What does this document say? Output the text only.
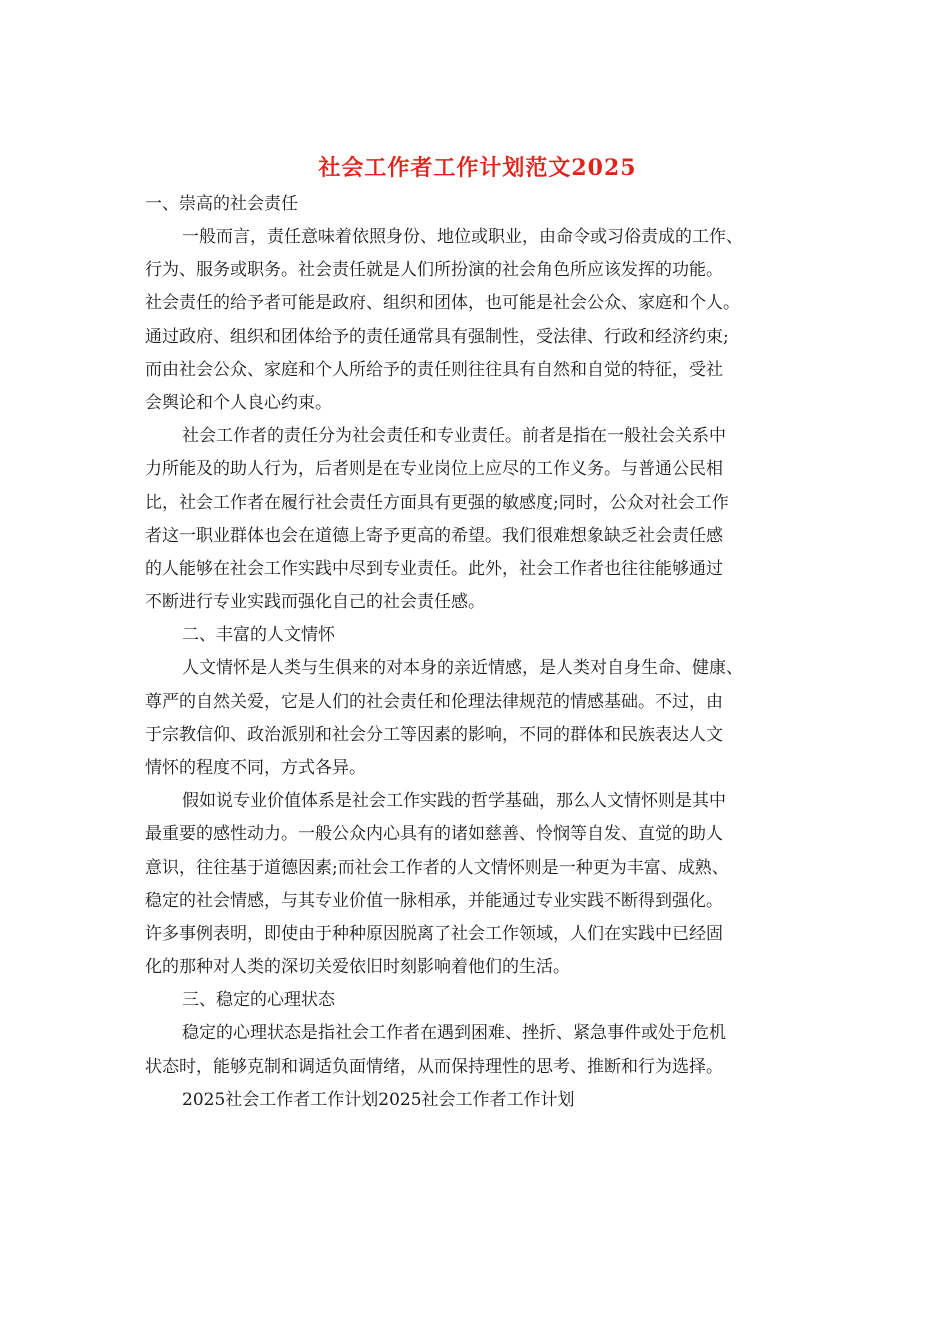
社会工作者工作计划范文2025

一、崇高的社会责任

一般而言，责任意味着依照身份、地位或职业，由命令或习俗责成的工作、
行为、服务或职务。社会责任就是人们所扮演的社会角色所应该发挥的功能。
社会责任的给予者可能是政府、组织和团体，也可能是社会公众、家庭和个人。
通过政府、组织和团体给予的责任通常具有强制性，受法律、行政和经济约束;
而由社会公众、家庭和个人所给予的责任则往往具有自然和自觉的特征，受社
会舆论和个人良心约束。
社会工作者的责任分为社会责任和专业责任。前者是指在一般社会关系中
力所能及的助人行为，后者则是在专业岗位上应尽的工作义务。与普通公民相
比，社会工作者在履行社会责任方面具有更强的敏感度;同时，公众对社会工作
者这一职业群体也会在道德上寄予更高的希望。我们很难想象缺乏社会责任感
的人能够在社会工作实践中尽到专业责任。此外，社会工作者也往往能够通过
不断进行专业实践而强化自己的社会责任感。

二、丰富的人文情怀

人文情怀是人类与生俱来的对本身的亲近情感，是人类对自身生命、健康、
尊严的自然关爱，它是人们的社会责任和伦理法律规范的情感基础。不过，由
于宗教信仰、政治派别和社会分工等因素的影响，不同的群体和民族表达人文
情怀的程度不同，方式各异。
假如说专业价值体系是社会工作实践的哲学基础，那么人文情怀则是其中
最重要的感性动力。一般公众内心具有的诸如慈善、怜悯等自发、直觉的助人
意识，往往基于道德因素;而社会工作者的人文情怀则是一种更为丰富、成熟、
稳定的社会情感，与其专业价值一脉相承，并能通过专业实践不断得到强化。
许多事例表明，即使由于种种原因脱离了社会工作领域，人们在实践中已经固
化的那种对人类的深切关爱依旧时刻影响着他们的生活。

三、稳定的心理状态

稳定的心理状态是指社会工作者在遇到困难、挫折、紧急事件或处于危机
状态时，能够克制和调适负面情绪，从而保持理性的思考、推断和行为选择。

2025社会工作者工作计划2025社会工作者工作计划
